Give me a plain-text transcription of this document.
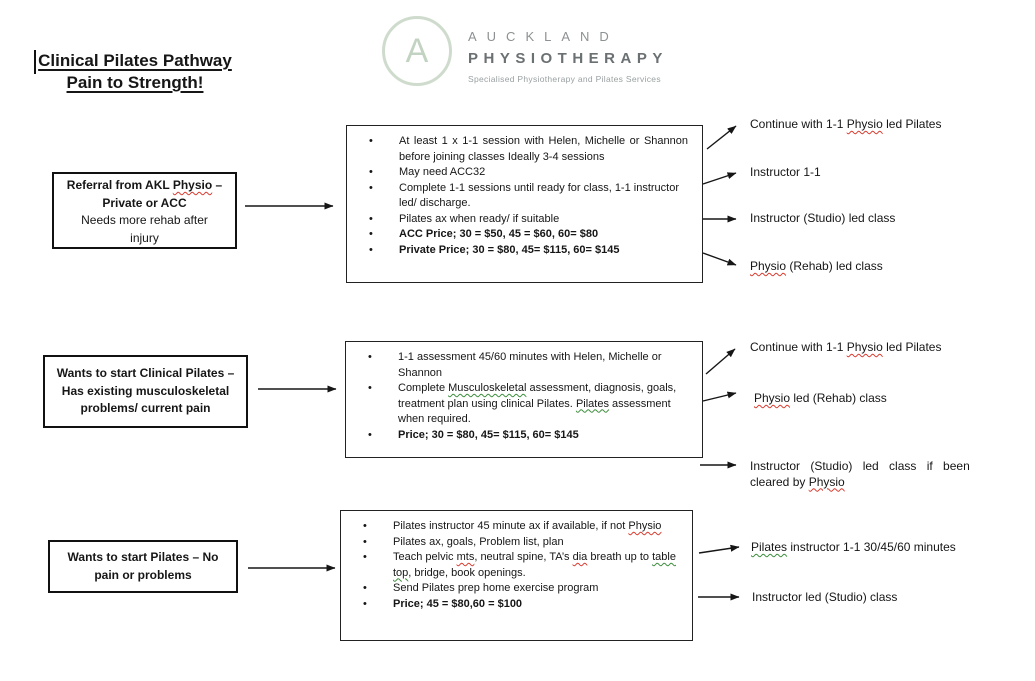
Clinical Pilates Pathway
Pain to Strength!
A	AUCKLAND
PHYSIOTHERAPY
Specialised Physiotherapy and Pilates Services
Referral from AKL Physio –
Private or ACC
Needs more rehab after
injury
•	At least 1 x 1-1 session with Helen, Michelle or Shannon before joining classes Ideally 3-4 sessions
•	May need ACC32
•	Complete 1-1 sessions until ready for class, 1-1 instructor led/ discharge.
•	Pilates ax when ready/ if suitable
•	ACC Price; 30 = $50, 45 = $60, 60= $80
•	Private Price; 30 = $80, 45= $115, 60= $145
Continue with 1-1 Physio led Pilates
Instructor 1-1
Instructor (Studio) led class
Physio (Rehab) led class
Wants to start Clinical Pilates –
Has existing musculoskeletal
problems/ current pain
•	1-1 assessment 45/60 minutes with Helen, Michelle or Shannon
•	Complete Musculoskeletal assessment, diagnosis, goals, treatment plan using clinical Pilates. Pilates assessment when required.
•	Price; 30 = $80, 45= $115, 60= $145
Continue with 1-1 Physio led Pilates
Physio led (Rehab) class
Instructor (Studio) led class if been
cleared by Physio
Wants to start Pilates – No
pain or problems
•	Pilates instructor 45 minute ax if available, if not Physio
•	Pilates ax, goals, Problem list, plan
•	Teach pelvic mts, neutral spine, TA’s dia breath up to table top, bridge, book openings.
•	Send Pilates prep home exercise program
•	Price; 45 = $80,60 = $100
Pilates instructor 1-1 30/45/60 minutes
Instructor led (Studio) class
